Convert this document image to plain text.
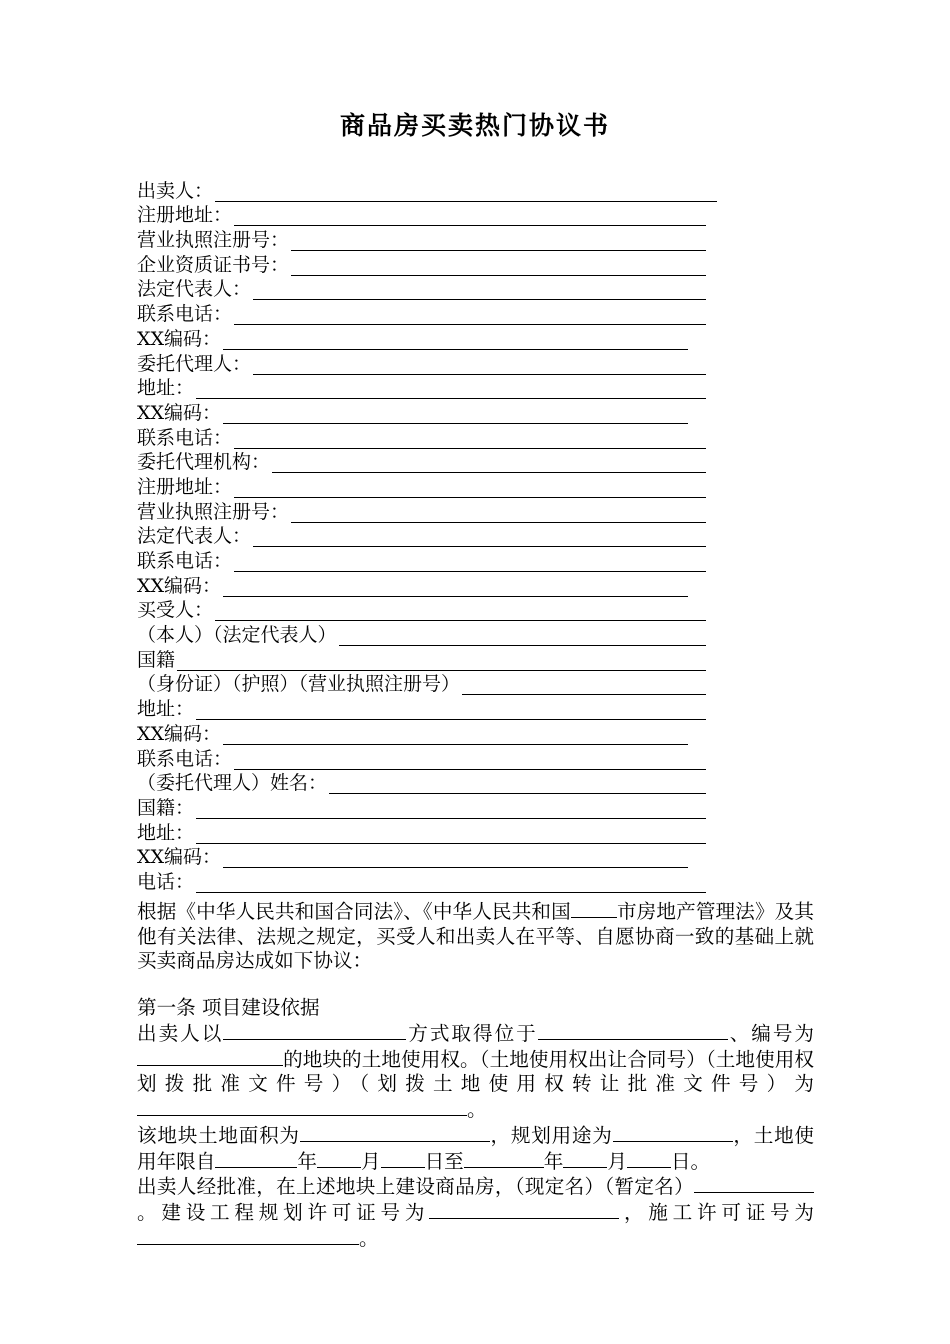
商品房买卖热门协议书
出卖人：
注册地址：
营业执照注册号：
企业资质证书号：
法定代表人：
联系电话：
XX编码：
委托代理人：
地址：
XX编码：
联系电话：
委托代理机构：
注册地址：
营业执照注册号：
法定代表人：
联系电话：
XX编码：
买受人：
（本人）（法定代表人）
国籍
（身份证）（护照）（营业执照注册号）
地址：
XX编码：
联系电话：
（委托代理人）姓名：
国籍：
地址：
XX编码：
电话：
根据《中华人民共和国合同法》、《中华人民共和国 市房地产管理法》及其他有关法律、法规之规定，买受人和出卖人在平等、自愿协商一致的基础上就买卖商品房达成如下协议：
第一条 项目建设依据
出卖人以	方式取得位于	、编号为的地块的土地使用权。（土地使用权出让合同号）（土地使用权划拨批准文件号）（划拨土地使用权转让批准文件号）为。
该地块土地面积为	，规划用途为	，土地使用年限自	年 月 日至	年 月 日。
出卖人经批准，在上述地块上建设商品房，（现定名）（暂定名）。建设工程规划许可证号为	，施工许可证号为。
